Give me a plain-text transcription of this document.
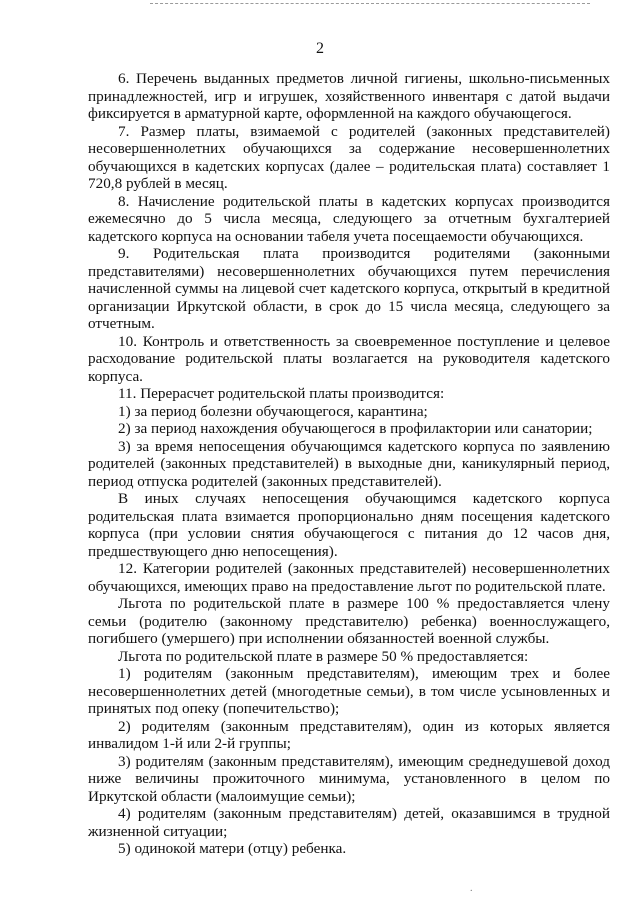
2

6. Перечень выданных предметов личной гигиены, школьно-письменных принадлежностей, игр и игрушек, хозяйственного инвентаря с датой выдачи фиксируется в арматурной карте, оформленной на каждого обучающегося.

7. Размер платы, взимаемой с родителей (законных представителей) несовершеннолетних обучающихся за содержание несовершеннолетних обучающихся в кадетских корпусах (далее – родительская плата) составляет 1 720,8 рублей в месяц.

8. Начисление родительской платы в кадетских корпусах производится ежемесячно до 5 числа месяца, следующего за отчетным бухгалтерией кадетского корпуса на основании табеля учета посещаемости обучающихся.

9. Родительская плата производится родителями (законными представителями) несовершеннолетних обучающихся путем перечисления начисленной суммы на лицевой счет кадетского корпуса, открытый в кредитной организации Иркутской области, в срок до 15 числа месяца, следующего за отчетным.

10. Контроль и ответственность за своевременное поступление и целевое расходование родительской платы возлагается на руководителя кадетского корпуса.

11. Перерасчет родительской платы производится:

1) за период болезни обучающегося, карантина;

2) за период нахождения обучающегося в профилактории или санатории;

3) за время непосещения обучающимся кадетского корпуса по заявлению родителей (законных представителей) в выходные дни, каникулярный период, период отпуска родителей (законных представителей).

В иных случаях непосещения обучающимся кадетского корпуса родительская плата взимается пропорционально дням посещения кадетского корпуса (при условии снятия обучающегося с питания до 12 часов дня, предшествующего дню непосещения).

12. Категории родителей (законных представителей) несовершеннолетних обучающихся, имеющих право на предоставление льгот по родительской плате.

Льгота по родительской плате в размере 100 % предоставляется члену семьи (родителю (законному представителю) ребенка) военнослужащего, погибшего (умершего) при исполнении обязанностей военной службы.

Льгота по родительской плате в размере 50 % предоставляется:

1) родителям (законным представителям), имеющим трех и более несовершеннолетних детей (многодетные семьи), в том числе усыновленных и принятых под опеку (попечительство);

2) родителям (законным представителям), один из которых является инвалидом 1-й или 2-й группы;

3) родителям (законным представителям), имеющим среднедушевой доход ниже величины прожиточного минимума, установленного в целом по Иркутской области (малоимущие семьи);

4) родителям (законным представителям) детей, оказавшимся в трудной жизненной ситуации;

5) одинокой матери (отцу) ребенка.

.
